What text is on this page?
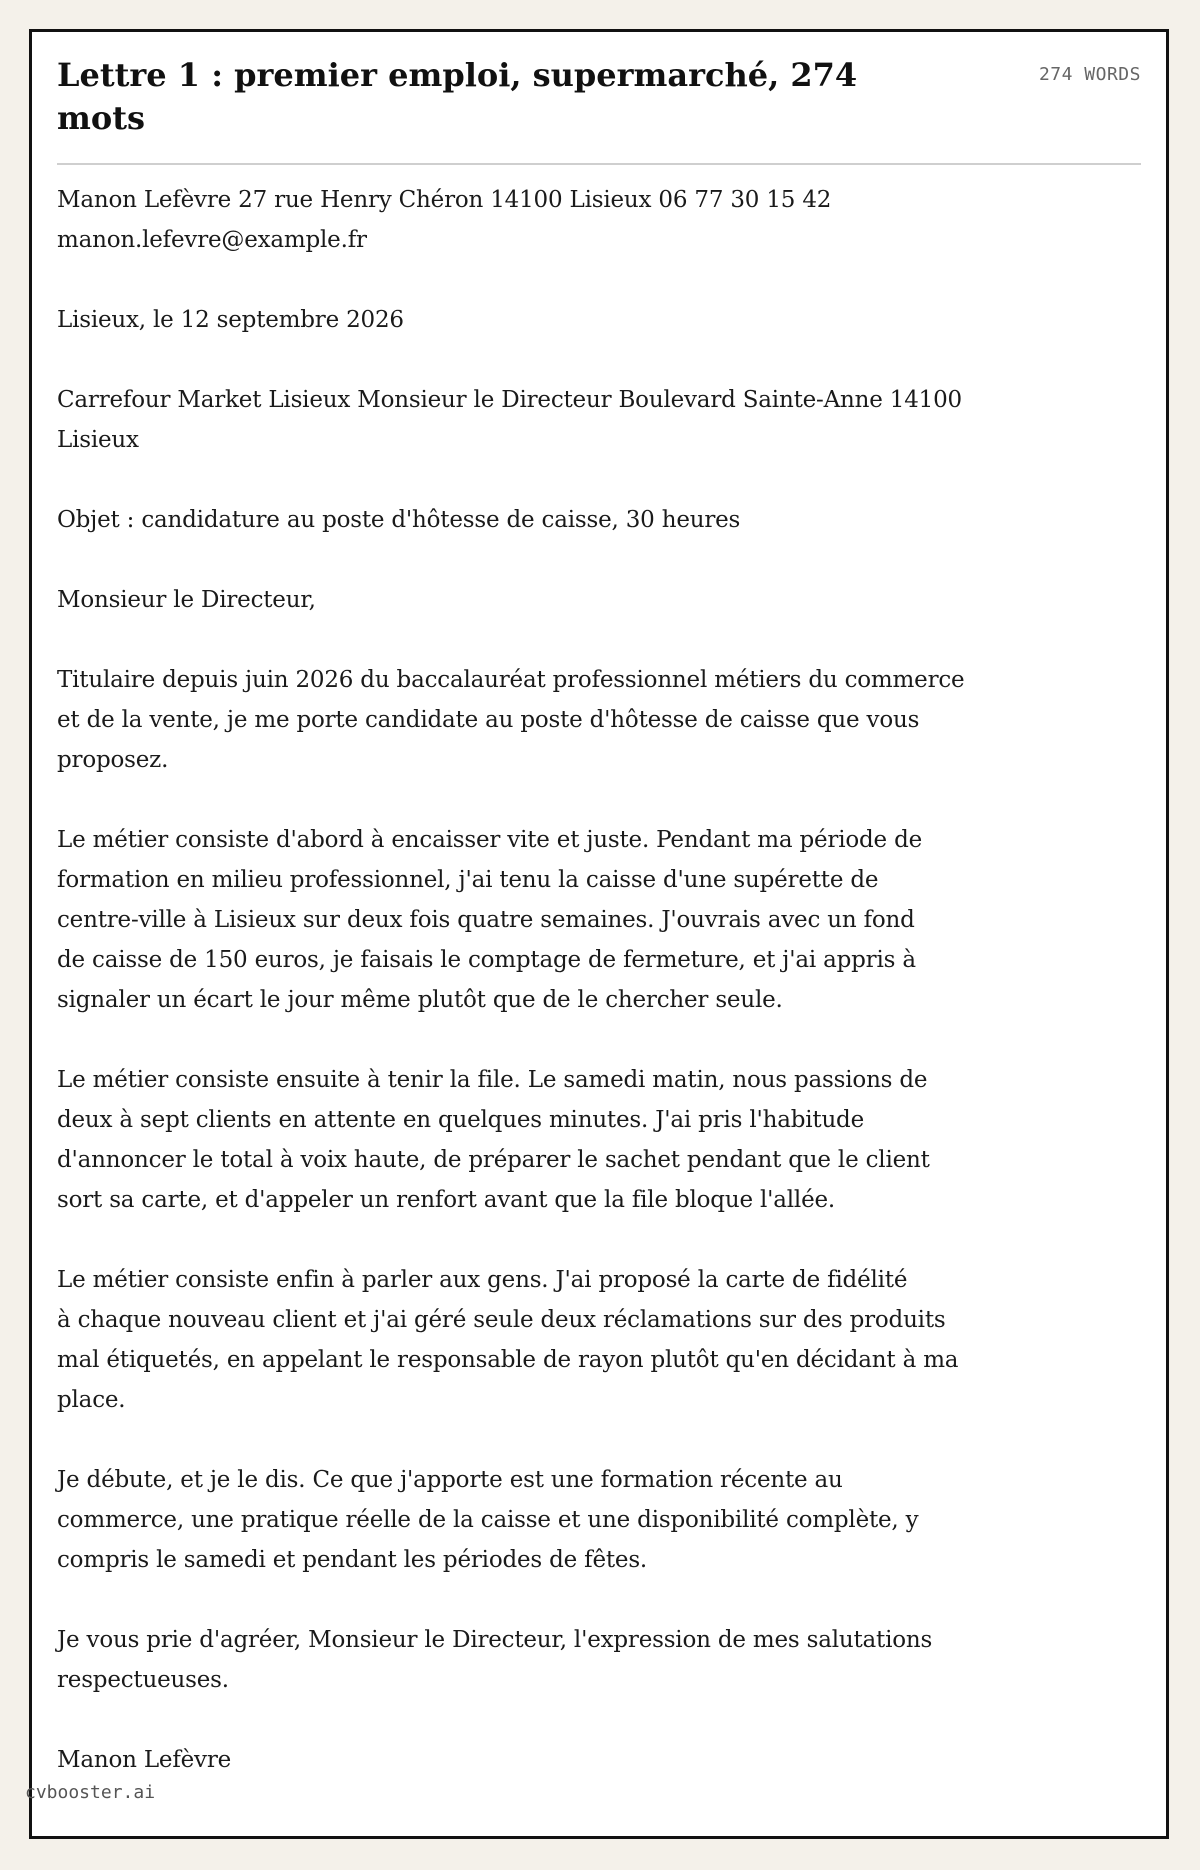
Lettre 1 : premier emploi, supermarché, 274 mots
274 WORDS

Manon Lefèvre 27 rue Henry Chéron 14100 Lisieux 06 77 30 15 42
manon.lefevre@example.fr

Lisieux, le 12 septembre 2026

Carrefour Market Lisieux Monsieur le Directeur Boulevard Sainte-Anne 14100
Lisieux

Objet : candidature au poste d'hôtesse de caisse, 30 heures

Monsieur le Directeur,

Titulaire depuis juin 2026 du baccalauréat professionnel métiers du commerce
et de la vente, je me porte candidate au poste d'hôtesse de caisse que vous
proposez.

Le métier consiste d'abord à encaisser vite et juste. Pendant ma période de
formation en milieu professionnel, j'ai tenu la caisse d'une supérette de
centre-ville à Lisieux sur deux fois quatre semaines. J'ouvrais avec un fond
de caisse de 150 euros, je faisais le comptage de fermeture, et j'ai appris à
signaler un écart le jour même plutôt que de le chercher seule.

Le métier consiste ensuite à tenir la file. Le samedi matin, nous passions de
deux à sept clients en attente en quelques minutes. J'ai pris l'habitude
d'annoncer le total à voix haute, de préparer le sachet pendant que le client
sort sa carte, et d'appeler un renfort avant que la file bloque l'allée.

Le métier consiste enfin à parler aux gens. J'ai proposé la carte de fidélité
à chaque nouveau client et j'ai géré seule deux réclamations sur des produits
mal étiquetés, en appelant le responsable de rayon plutôt qu'en décidant à ma
place.

Je débute, et je le dis. Ce que j'apporte est une formation récente au
commerce, une pratique réelle de la caisse et une disponibilité complète, y
compris le samedi et pendant les périodes de fêtes.

Je vous prie d'agréer, Monsieur le Directeur, l'expression de mes salutations
respectueuses.

Manon Lefèvre

cvbooster.ai
